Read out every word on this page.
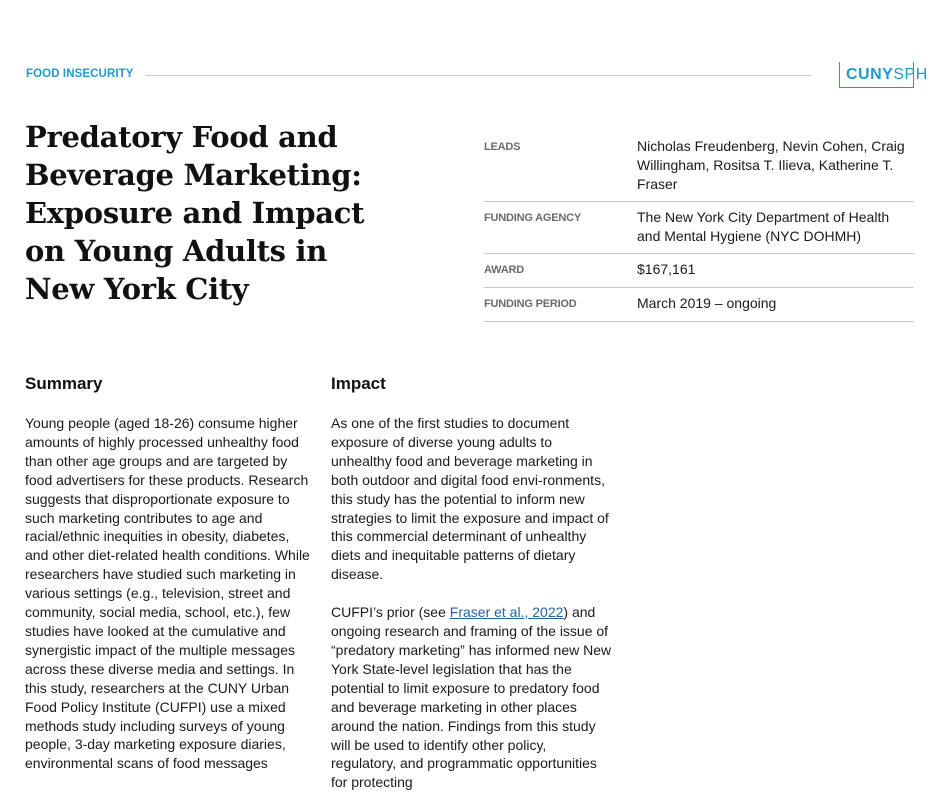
FOOD INSECURITY	CUNYSPH
Predatory Food and Beverage Marketing: Exposure and Impact on Young Adults in New York City
LEADS	Nicholas Freudenberg, Nevin Cohen, Craig Willingham, Rositsa T. Ilieva, Katherine T. Fraser
FUNDING AGENCY	The New York City Department of Health and Mental Hygiene (NYC DOHMH)
AWARD	$167,161
FUNDING PERIOD	March 2019 – ongoing
Summary

Young people (aged 18-26) consume higher amounts of highly processed unhealthy food than other age groups and are targeted by food advertisers for these products. Research suggests that disproportionate exposure to such marketing contributes to age and racial/ethnic inequities in obesity, diabetes, and other diet-related health conditions. While researchers have studied such marketing in various settings (e.g., television, street and community, social media, school, etc.), few studies have looked at the cumulative and synergistic impact of the multiple messages across these diverse media and settings. In this study, researchers at the CUNY Urban Food Policy Institute (CUFPI) use a mixed methods study including surveys of young people, 3-day marketing exposure diaries, environmental scans of food messages

Impact

As one of the first studies to document exposure of diverse young adults to unhealthy food and beverage marketing in both outdoor and digital food envi-ronments, this study has the potential to inform new strategies to limit the exposure and impact of this commercial determinant of unhealthy diets and inequitable patterns of dietary disease.

CUFPI’s prior (see Fraser et al., 2022) and ongoing research and framing of the issue of “predatory marketing” has informed new New York State-level legislation that has the potential to limit exposure to predatory food and beverage marketing in other places around the nation. Findings from this study will be used to identify other policy, regulatory, and programmatic opportunities for protecting
